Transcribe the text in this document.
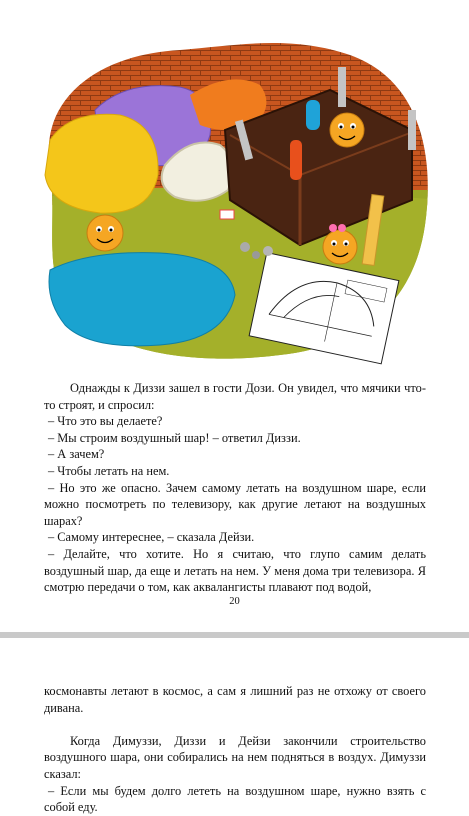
Однажды к Диззи зашел в гости Дози. Он увидел, что мячики что-то строят, и спросил:

– Что это вы делаете?

– Мы строим воздушный шар! – ответил Диззи.

– А зачем?

– Чтобы летать на нем.

– Но это же опасно. Зачем самому летать на воздушном шаре, если можно посмотреть по телевизору, как другие летают на воздушных шарах?

– Самому интереснее, – сказала Дейзи.

– Делайте, что хотите. Но я считаю, что глупо самим делать воздушный шар, да еще и летать на нем. У меня дома три телевизора. Я смотрю передачи о том, как аквалангисты плавают под водой,

20

космонавты летают в космос, а сам я лишний раз не отхожу от своего дивана.

Когда Димуззи, Диззи и Дейзи закончили строительство воздушного шара, они собирались на нем подняться в воздух. Димуззи сказал:

– Если мы будем долго лететь на воздушном шаре, нужно взять с собой еду.
